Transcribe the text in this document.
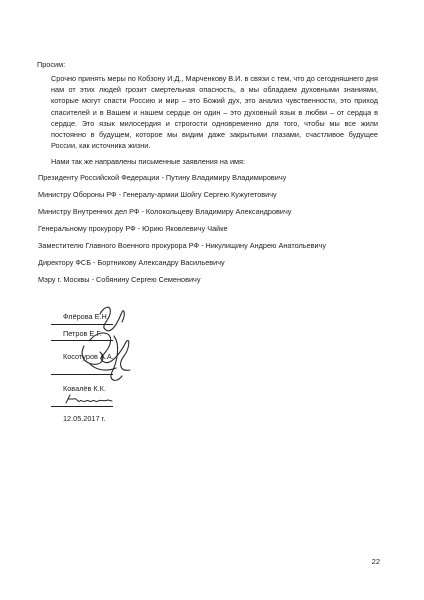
Просим:
Срочно принять меры по Кобзону И.Д., Марченкову В.И. в связи с тем, что до сегодняшнего дня нам от этих людей грозит смертельная опасность, а мы обладаем духовными знаниями, которые могут спасти Россию и мир – это Божий дух, это анализ чувственности, это приход спасителей и в Вашем и нашем сердце он один – это духовный язык в любви – от сердца в сердце. Это язык милосердия и строгости одновременно для того, чтобы мы все жили постоянно в будущем, которое мы видим даже закрытыми глазами, счастливое будущее России, как источника жизни.
Нами так же направлены письменные заявления на имя:
Президенту Российской Федерации - Путину Владимиру Владимировичу
Министру Обороны РФ - Генералу-армии Шойгу Сергею Кужугетовичу
Министру Внутренних дел РФ - Колокольцеву Владимиру Александровичу
Генеральному прокурору РФ - Юрию Яковлевичу Чайке
Заместителю Главного Военного прокурора РФ - Никулищину Андрею Анатольевичу
Директору ФСБ - Бортникову Александру Васильевичу
Мэру г. Москвы - Собянину Сергею Семеновичу
Флёрова Е.Н.
Петров Е.Г.
Косотуров А.А.
Ковалёв К.К.
12.05.2017 г.
22
